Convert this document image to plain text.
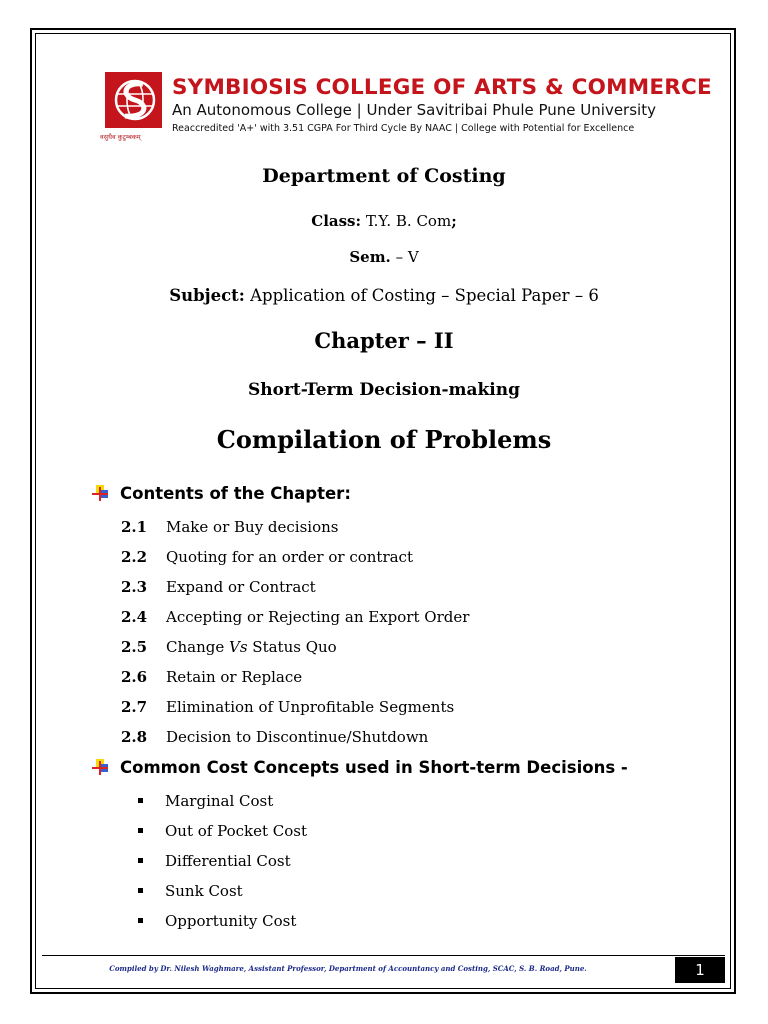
वसुधैव कुटुम्बकम्
SYMBIOSIS COLLEGE OF ARTS & COMMERCE
An Autonomous College | Under Savitribai Phule Pune University
Reaccredited 'A+' with 3.51 CGPA For Third Cycle By NAAC | College with Potential for Excellence
Department of Costing
Class: T.Y. B. Com;
Sem. – V
Subject: Application of Costing – Special Paper – 6
Chapter – II
Short-Term Decision-making
Compilation of Problems
Contents of the Chapter:
2.1 Make or Buy decisions
2.2 Quoting for an order or contract
2.3 Expand or Contract
2.4 Accepting or Rejecting an Export Order
2.5 Change Vs Status Quo
2.6 Retain or Replace
2.7 Elimination of Unprofitable Segments
2.8 Decision to Discontinue/Shutdown
Common Cost Concepts used in Short-term Decisions -
Marginal Cost
Out of Pocket Cost
Differential Cost
Sunk Cost
Opportunity Cost
Compiled by Dr. Nilesh Waghmare, Assistant Professor, Department of Accountancy and Costing, SCAC, S. B. Road, Pune.	1
